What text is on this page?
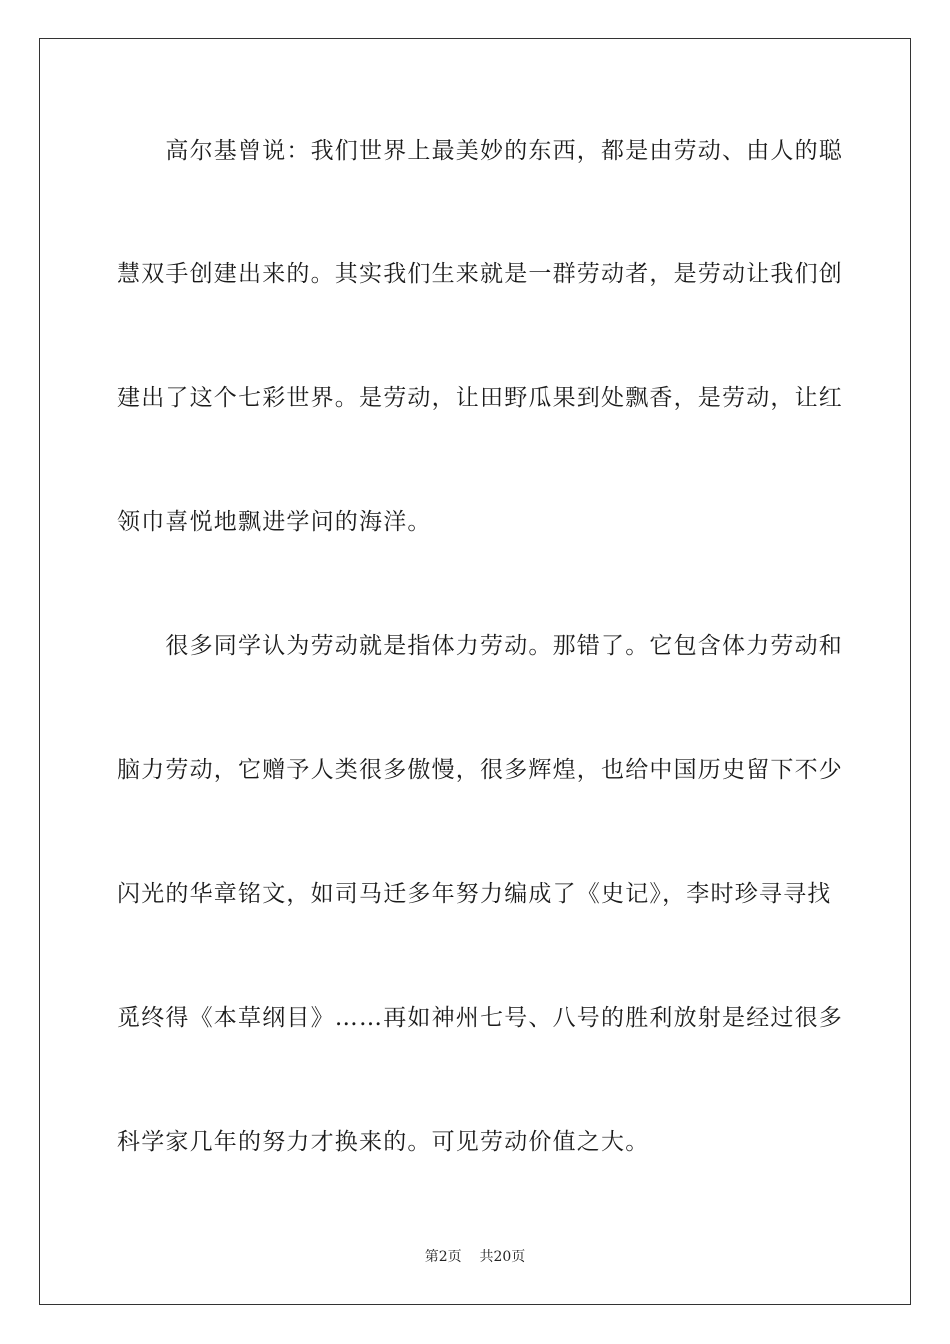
　　高尔基曾说：我们世界上最美妙的东西，都是由劳动、由人的聪
慧双手创建出来的。其实我们生来就是一群劳动者，是劳动让我们创
建出了这个七彩世界。是劳动，让田野瓜果到处飘香，是劳动，让红
领巾喜悦地飘进学问的海洋。
　　很多同学认为劳动就是指体力劳动。那错了。它包含体力劳动和
脑力劳动，它赠予人类很多傲慢，很多辉煌，也给中国历史留下不少
闪光的华章铭文，如司马迁多年努力编成了《史记》，李时珍寻寻找
觅终得《本草纲目》……再如神州七号、八号的胜利放射是经过很多
科学家几年的努力才换来的。可见劳动价值之大。
第2页 共20页
